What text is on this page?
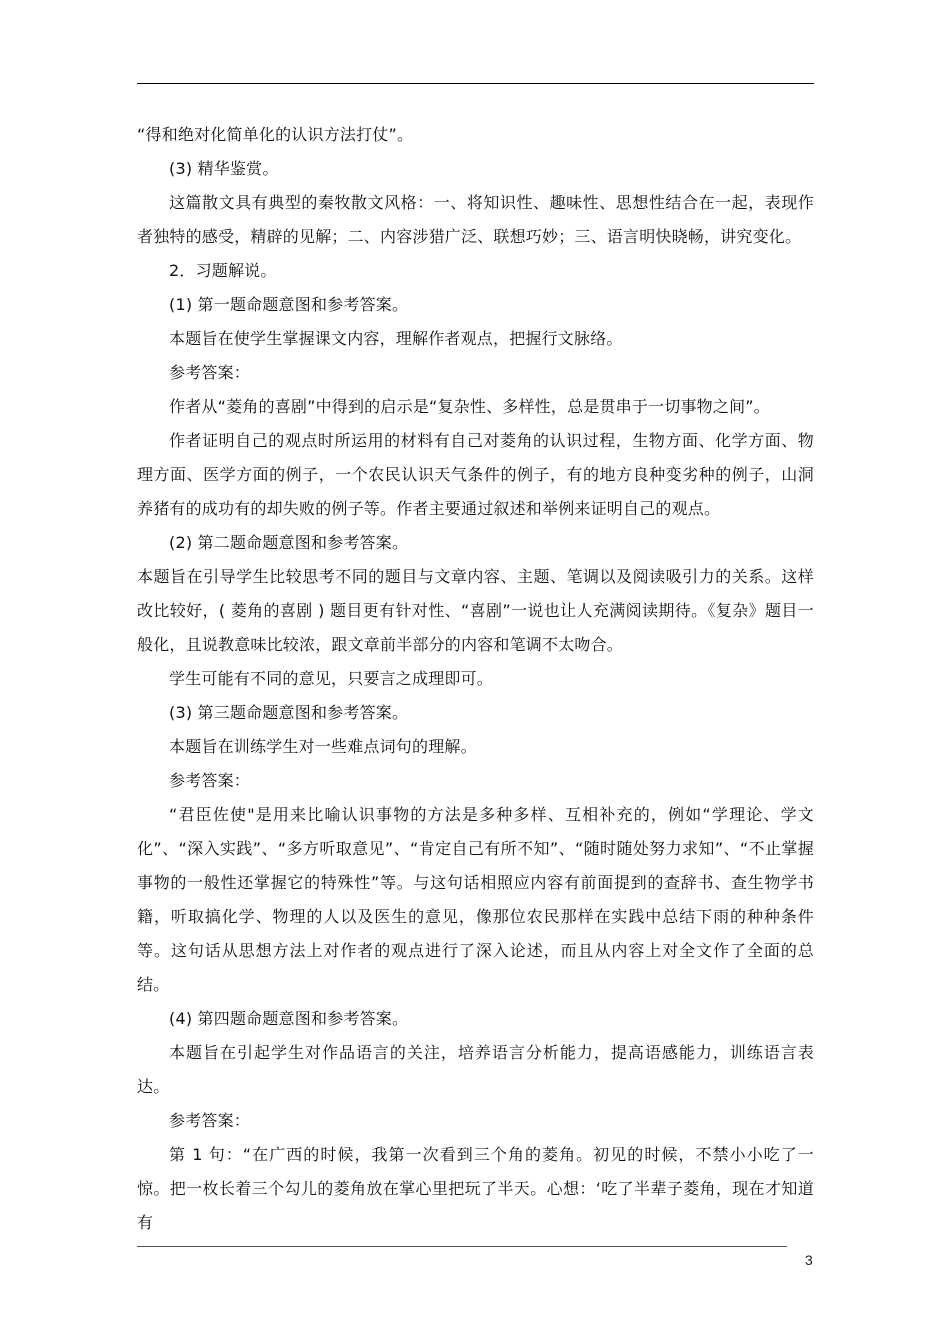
“得和绝对化简单化的认识方法打仗”。

(3) 精华鉴赏。

这篇散文具有典型的秦牧散文风格：一、将知识性、趣味性、思想性结合在一起，表现作者独特的感受，精辟的见解；二、内容涉猎广泛、联想巧妙；三、语言明快晓畅，讲究变化。

2．习题解说。

(1) 第一题命题意图和参考答案。

本题旨在使学生掌握课文内容，理解作者观点，把握行文脉络。

参考答案：

作者从“菱角的喜剧”中得到的启示是“复杂性、多样性，总是贯串于一切事物之间”。

作者证明自己的观点时所运用的材料有自己对菱角的认识过程，生物方面、化学方面、物理方面、医学方面的例子，一个农民认识天气条件的例子，有的地方良种变劣种的例子，山洞养猪有的成功有的却失败的例子等。作者主要通过叙述和举例来证明自己的观点。

(2) 第二题命题意图和参考答案。

本题旨在引导学生比较思考不同的题目与文章内容、主题、笔调以及阅读吸引力的关系。这样改比较好，( 菱角的喜剧 ) 题目更有针对性、“喜剧”一说也让人充满阅读期待。《复杂》题目一般化，且说教意味比较浓，跟文章前半部分的内容和笔调不太吻合。

学生可能有不同的意见，只要言之成理即可。

(3) 第三题命题意图和参考答案。

本题旨在训练学生对一些难点词句的理解。

参考答案：

“君臣佐使"是用来比喻认识事物的方法是多种多样、互相补充的，例如“学理论、学文化”、“深入实践”、“多方听取意见”、“肯定自己有所不知”、“随时随处努力求知”、“不止掌握事物的一般性还掌握它的特殊性”等。与这句话相照应内容有前面提到的查辞书、查生物学书籍，听取搞化学、物理的人以及医生的意见，像那位农民那样在实践中总结下雨的种种条件等。这句话从思想方法上对作者的观点进行了深入论述，而且从内容上对全文作了全面的总结。

(4) 第四题命题意图和参考答案。

本题旨在引起学生对作品语言的关注，培养语言分析能力，提高语感能力，训练语言表达。

参考答案：

第 1 句：“在广西的时候，我第一次看到三个角的菱角。初见的时候，不禁小小吃了一惊。把一枚长着三个勾儿的菱角放在掌心里把玩了半天。心想：‘吃了半辈子菱角，现在才知道有

3
